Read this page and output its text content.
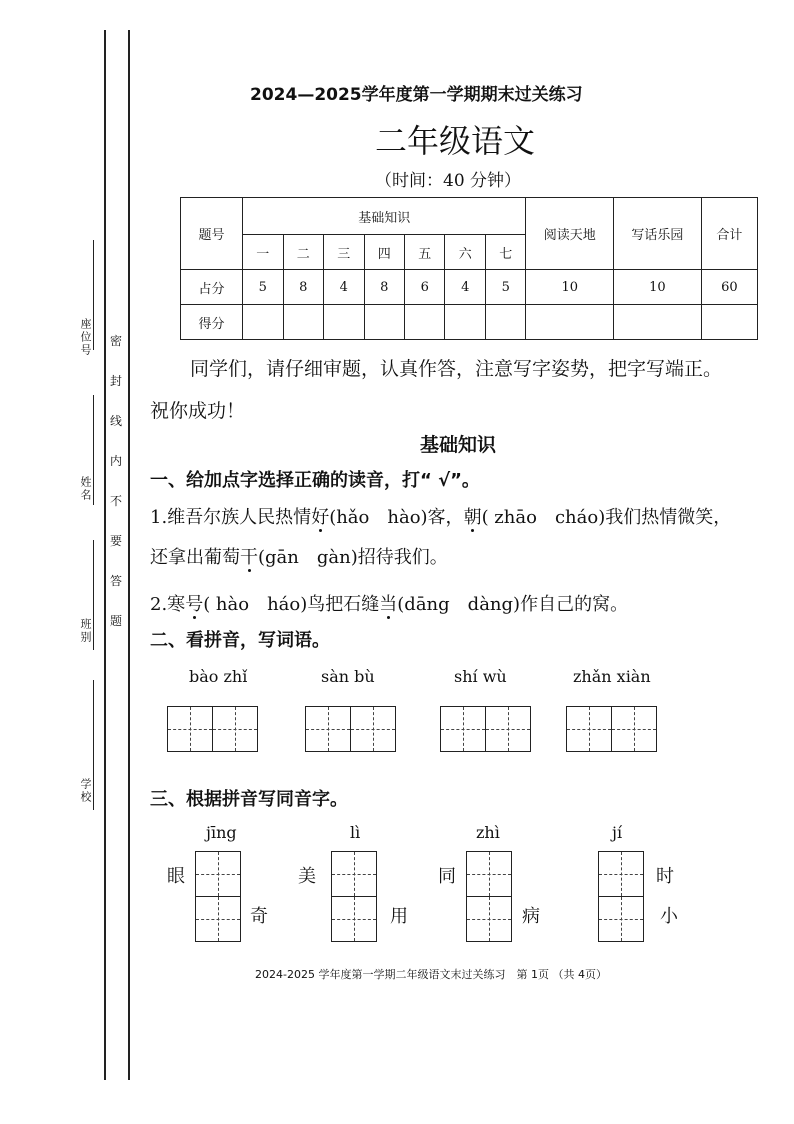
座位号
姓名
班别
学校
密
封
线
内
不
要
答
题
2024—2025学年度第一学期期末过关练习
二年级语文
（时间：40 分钟）
题号	基础知识							阅读天地	写话乐园	合计
	一	二	三	四	五	六	七			
占分	5	8	4	8	6	4	5	10	10	60
得分										
同学们，请仔细审题，认真作答，注意写字姿势，把字写端正。
祝你成功！
基础知识
一、给加点字选择正确的读音，打“ √”。
1.维吾尔族人民热情好(hǎo　hào)客，朝( zhāo　cháo)我们热情微笑，
还拿出葡萄干(gān　gàn)招待我们。
2.寒号( hào　háo)鸟把石缝当(dāng　dàng)作自己的窝。
二、看拼音，写词语。
bào zhǐ	sàn bù	shí wù	zhǎn xiàn
三、根据拼音写同音字。
jīng
眼
奇
lì
美
用
zhì
同
病
jí
时
小
2024-2025 学年度第一学期二年级语文末过关练习　第 1页 （共 4页）
